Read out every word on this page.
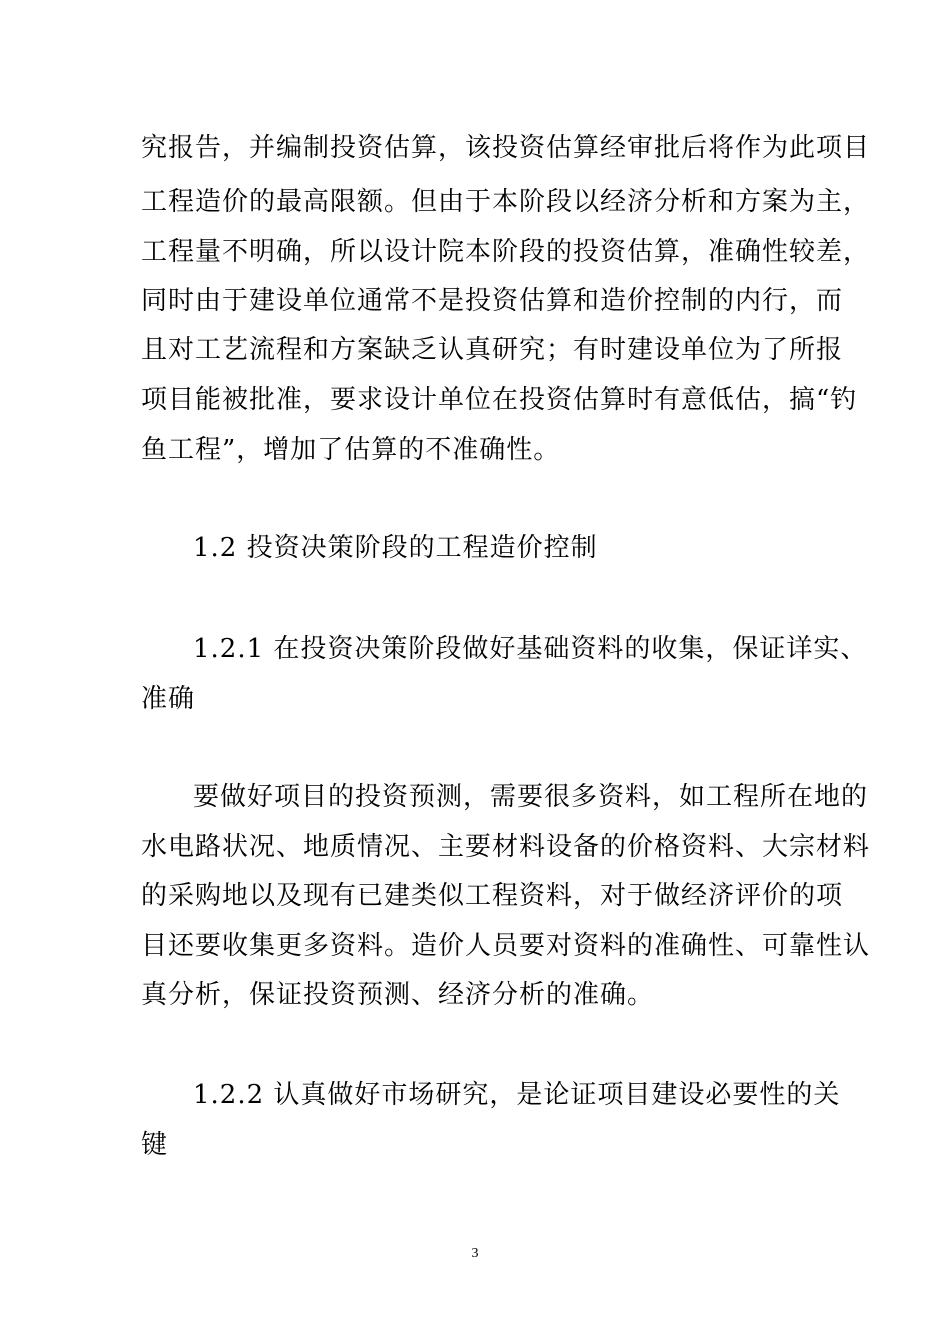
究报告，并编制投资估算，该投资估算经审批后将作为此项目
工程造价的最高限额。但由于本阶段以经济分析和方案为主，
工程量不明确，所以设计院本阶段的投资估算，准确性较差，
同时由于建设单位通常不是投资估算和造价控制的内行，而
且对工艺流程和方案缺乏认真研究；有时建设单位为了所报
项目能被批准，要求设计单位在投资估算时有意低估，搞“钓
鱼工程”，增加了估算的不准确性。
1.2 投资决策阶段的工程造价控制
1.2.1 在投资决策阶段做好基础资料的收集，保证详实、
准确
要做好项目的投资预测，需要很多资料，如工程所在地的
水电路状况、地质情况、主要材料设备的价格资料、大宗材料
的采购地以及现有已建类似工程资料，对于做经济评价的项
目还要收集更多资料。造价人员要对资料的准确性、可靠性认
真分析，保证投资预测、经济分析的准确。
1.2.2 认真做好市场研究，是论证项目建设必要性的关
键
3
